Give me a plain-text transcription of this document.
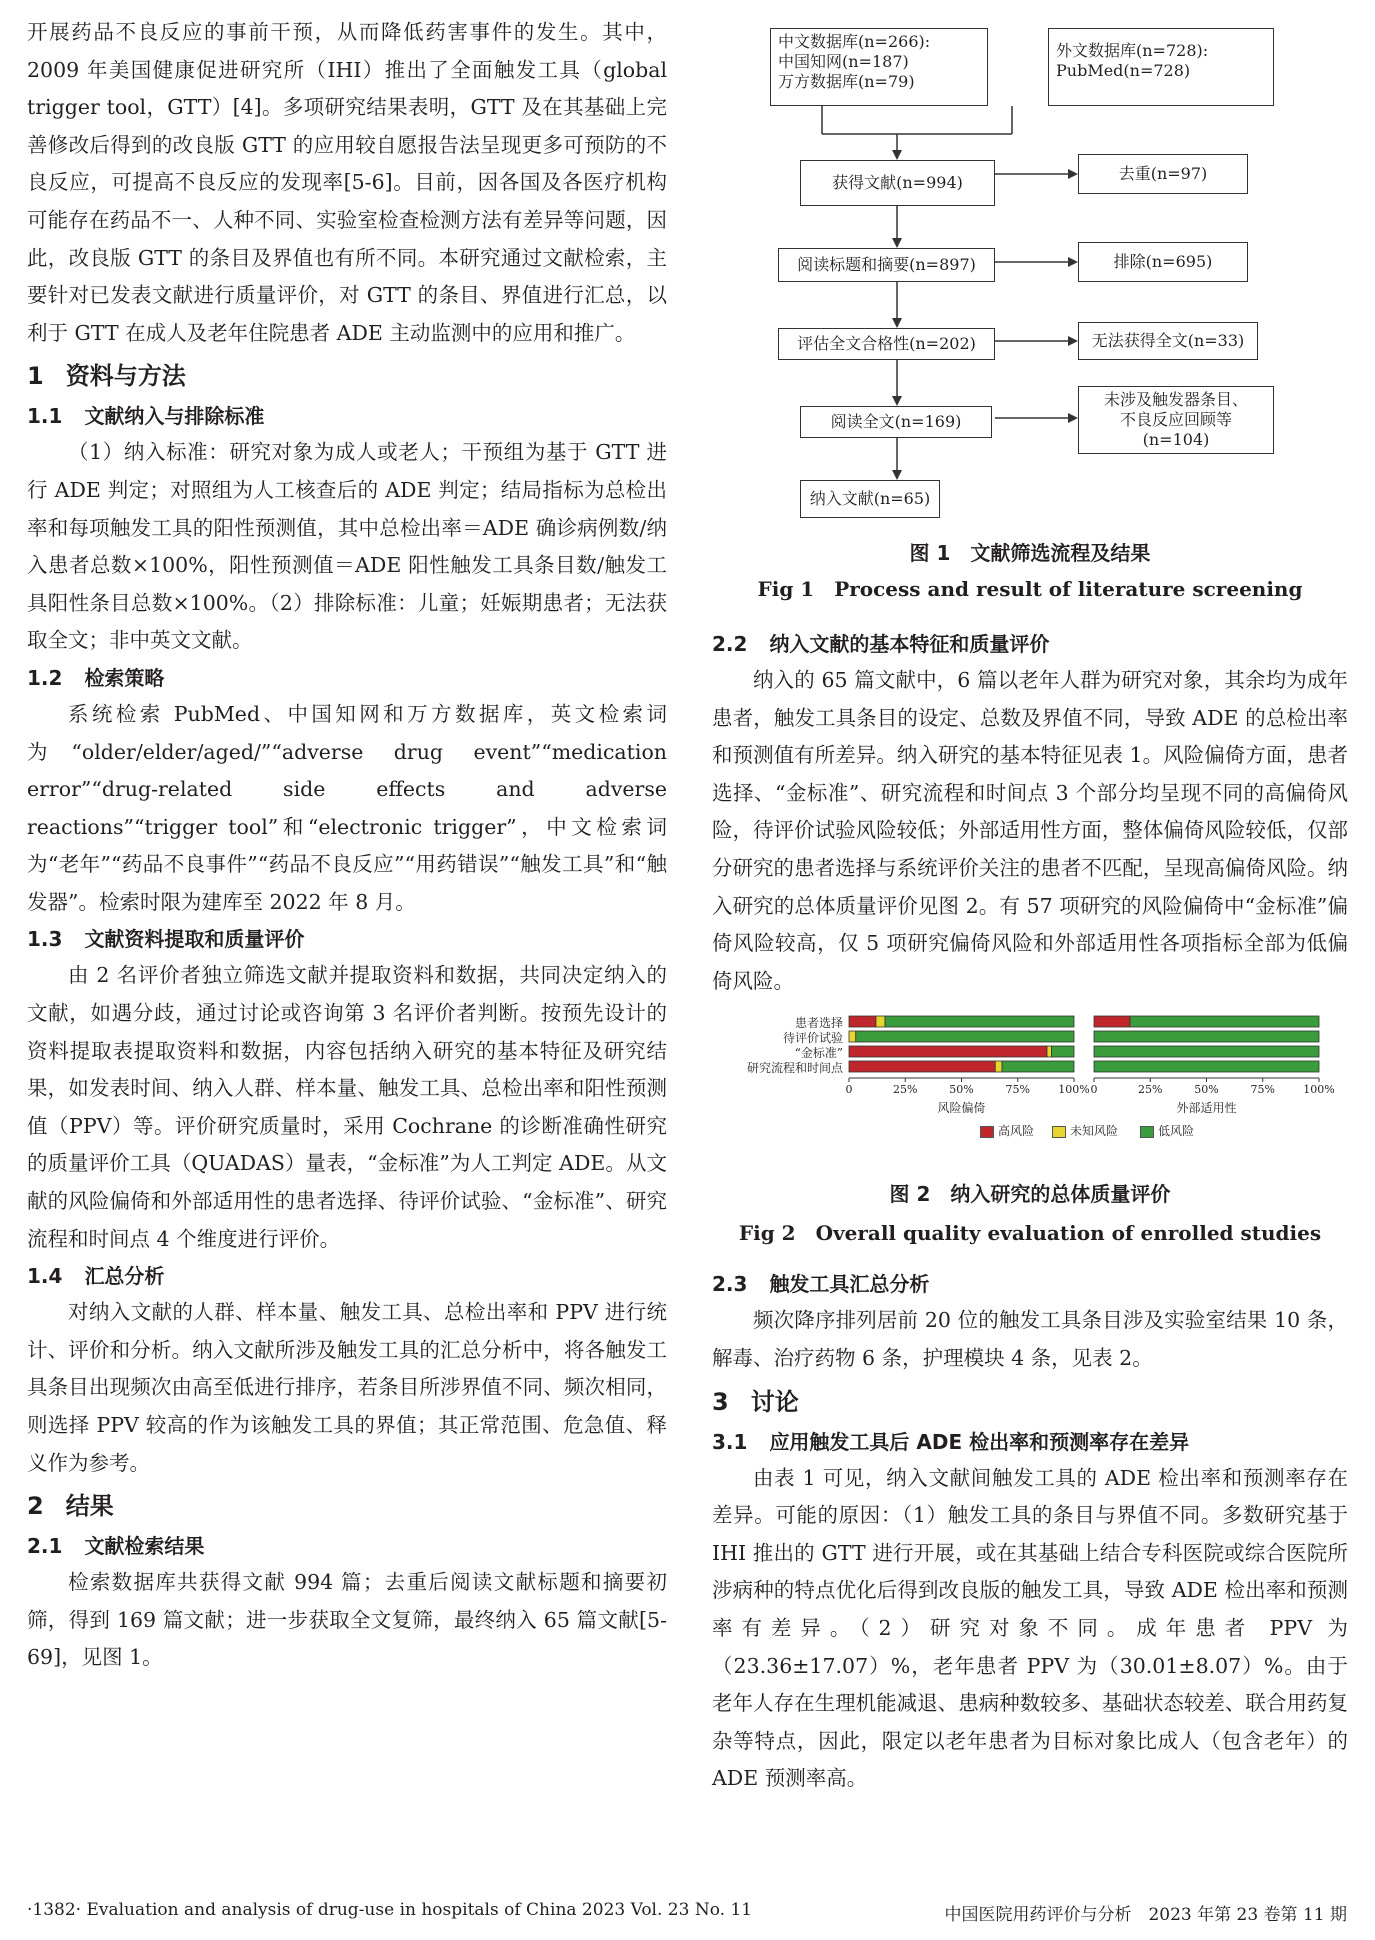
开展药品不良反应的事前干预，从而降低药害事件的发生。其中，2009 年美国健康促进研究所（IHI）推出了全面触发工具（global trigger tool，GTT）[4]。多项研究结果表明，GTT 及在其基础上完善修改后得到的改良版 GTT 的应用较自愿报告法呈现更多可预防的不良反应，可提高不良反应的发现率[5-6]。目前，因各国及各医疗机构可能存在药品不一、人种不同、实验室检查检测方法有差异等问题，因此，改良版 GTT 的条目及界值也有所不同。本研究通过文献检索，主要针对已发表文献进行质量评价，对 GTT 的条目、界值进行汇总，以利于 GTT 在成人及老年住院患者 ADE 主动监测中的应用和推广。

1 资料与方法
1.1 文献纳入与排除标准

（1）纳入标准：研究对象为成人或老人；干预组为基于 GTT 进行 ADE 判定；对照组为人工核查后的 ADE 判定；结局指标为总检出率和每项触发工具的阳性预测值，其中总检出率＝ADE 确诊病例数/纳入患者总数×100%，阳性预测值＝ADE 阳性触发工具条目数/触发工具阳性条目总数×100%。（2）排除标准：儿童；妊娠期患者；无法获取全文；非中英文文献。

1.2 检索策略

系统检索 PubMed、中国知网和万方数据库，英文检索词为“older/elder/aged/”“adverse drug event”“medication error”“drug-related side effects and adverse reactions”“trigger tool”和“electronic trigger”，中文检索词为“老年”“药品不良事件”“药品不良反应”“用药错误”“触发工具”和“触发器”。检索时限为建库至 2022 年 8 月。

1.3 文献资料提取和质量评价

由 2 名评价者独立筛选文献并提取资料和数据，共同决定纳入的文献，如遇分歧，通过讨论或咨询第 3 名评价者判断。按预先设计的资料提取表提取资料和数据，内容包括纳入研究的基本特征及研究结果，如发表时间、纳入人群、样本量、触发工具、总检出率和阳性预测值（PPV）等。评价研究质量时，采用 Cochrane 的诊断准确性研究的质量评价工具（QUADAS）量表，“金标准”为人工判定 ADE。从文献的风险偏倚和外部适用性的患者选择、待评价试验、“金标准”、研究流程和时间点 4 个维度进行评价。

1.4 汇总分析

对纳入文献的人群、样本量、触发工具、总检出率和 PPV 进行统计、评价和分析。纳入文献所涉及触发工具的汇总分析中，将各触发工具条目出现频次由高至低进行排序，若条目所涉界值不同、频次相同，则选择 PPV 较高的作为该触发工具的界值；其正常范围、危急值、释义作为参考。

2 结果
2.1 文献检索结果

检索数据库共获得文献 994 篇；去重后阅读文献标题和摘要初筛，得到 169 篇文献；进一步获取全文复筛，最终纳入 65 篇文献[5-69]，见图 1。

中文数据库(n=266):
中国知网(n=187)
万方数据库(n=79)
外文数据库(n=728):
PubMed(n=728)
获得文献(n=994)	去重(n=97)
阅读标题和摘要(n=897)	排除(n=695)
评估全文合格性(n=202)	无法获得全文(n=33)
阅读全文(n=169)
未涉及触发器条目、
不良反应回顾等
(n=104)
纳入文献(n=65)
图 1　文献筛选流程及结果
Fig 1　Process and result of literature screening
2.2 纳入文献的基本特征和质量评价

纳入的 65 篇文献中，6 篇以老年人群为研究对象，其余均为成年患者，触发工具条目的设定、总数及界值不同，导致 ADE 的总检出率和预测值有所差异。纳入研究的基本特征见表 1。风险偏倚方面，患者选择、“金标准”、研究流程和时间点 3 个部分均呈现不同的高偏倚风险，待评价试验风险较低；外部适用性方面，整体偏倚风险较低，仅部分研究的患者选择与系统评价关注的患者不匹配，呈现高偏倚风险。纳入研究的总体质量评价见图 2。有 57 项研究的风险偏倚中“金标准”偏倚风险较高，仅 5 项研究偏倚风险和外部适用性各项指标全部为低偏倚风险。

患者选择
待评价试验
“金标准”
研究流程和时间点
0	25%	50%	75%	100%
风险偏倚
0	25%	50%	75%	100%
外部适用性
高风险	未知风险	低风险
图 2　纳入研究的总体质量评价
Fig 2　Overall quality evaluation of enrolled studies
2.3 触发工具汇总分析

频次降序排列居前 20 位的触发工具条目涉及实验室结果 10 条，解毒、治疗药物 6 条，护理模块 4 条，见表 2。

3 讨论
3.1 应用触发工具后 ADE 检出率和预测率存在差异

由表 1 可见，纳入文献间触发工具的 ADE 检出率和预测率存在差异。可能的原因：（1）触发工具的条目与界值不同。多数研究基于 IHI 推出的 GTT 进行开展，或在其基础上结合专科医院或综合医院所涉病种的特点优化后得到改良版的触发工具，导致 ADE 检出率和预测率有差异。（2）研究对象不同。成年患者 PPV 为（23.36±17.07）%，老年患者 PPV 为（30.01±8.07）%。由于老年人存在生理机能减退、患病种数较多、基础状态较差、联合用药复杂等特点，因此，限定以老年患者为目标对象比成人（包含老年）的 ADE 预测率高。

·1382· Evaluation and analysis of drug-use in hospitals of China 2023 Vol. 23 No. 11	中国医院用药评价与分析　2023 年第 23 卷第 11 期
